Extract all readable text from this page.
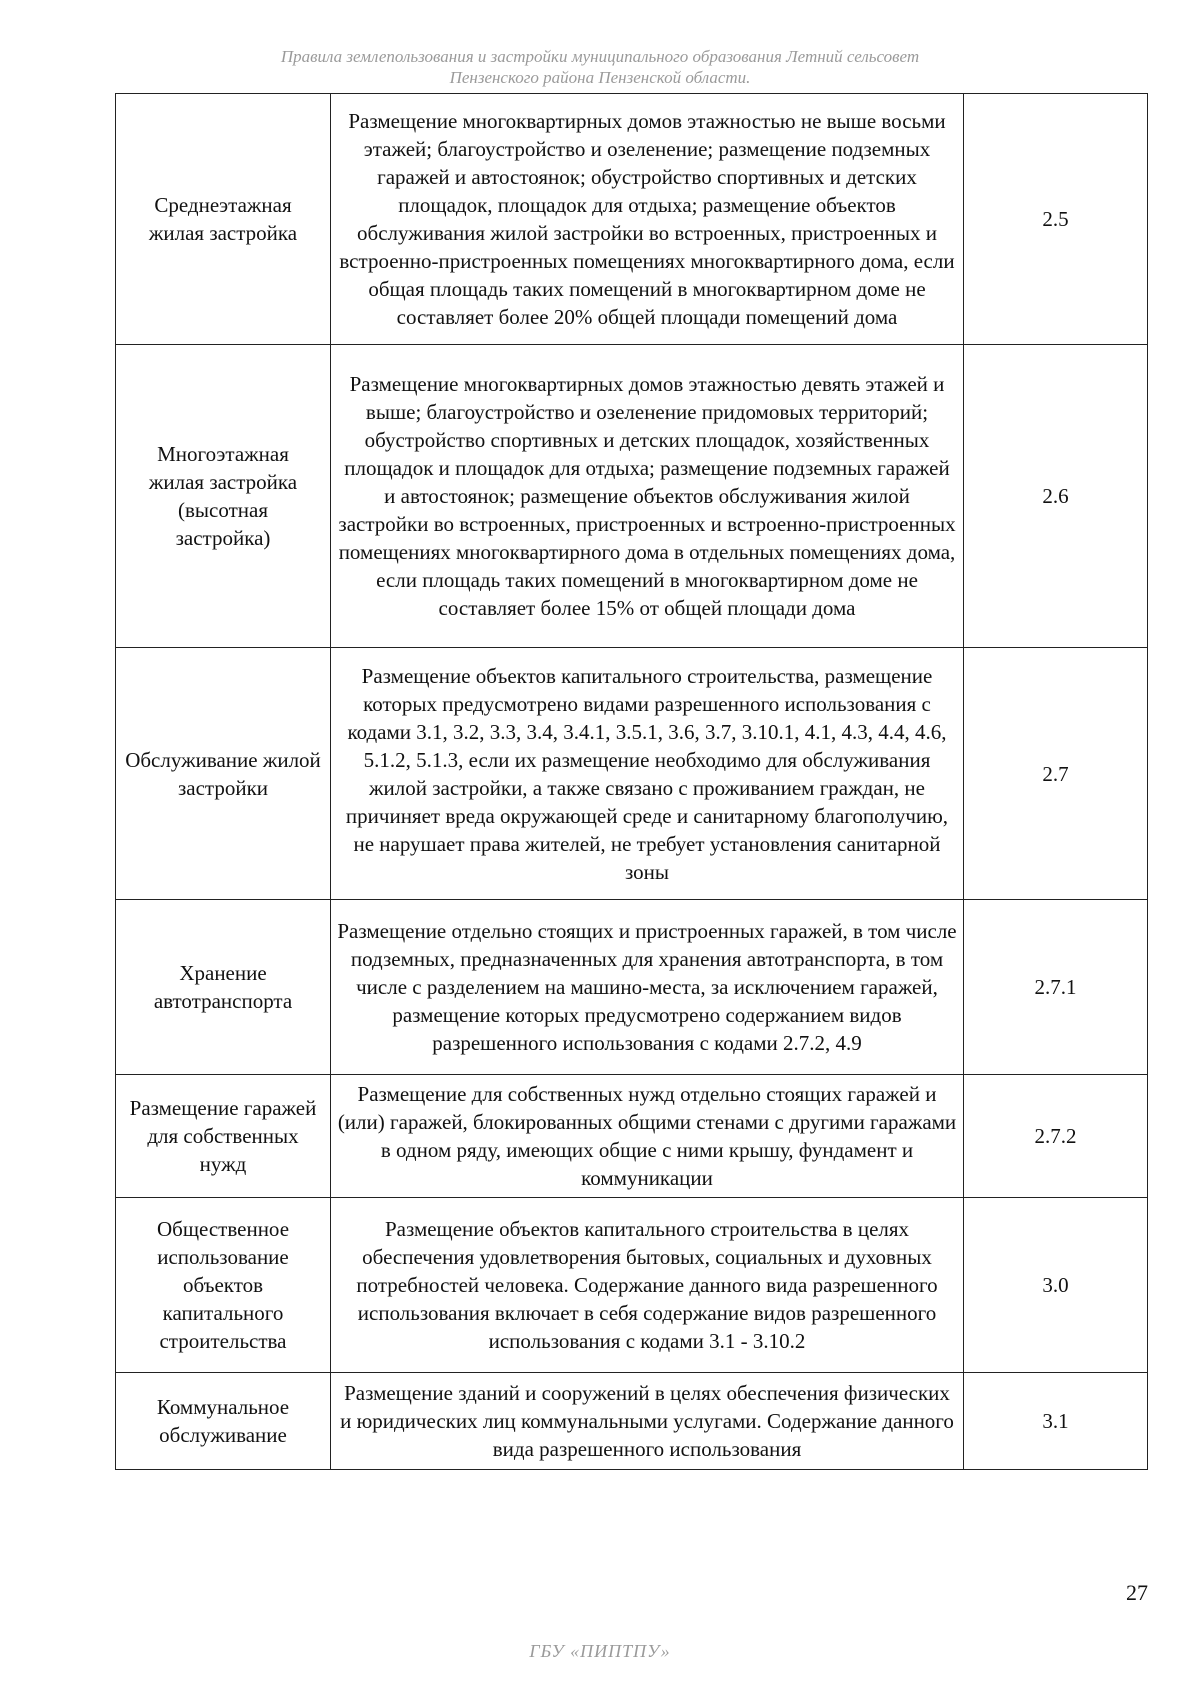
Правила землепользования и застройки муниципального образования Летний сельсовет
Пензенского района Пензенской области.
Среднеэтажная жилая застройка	Размещение многоквартирных домов этажностью не выше восьми этажей; благоустройство и озеленение; размещение подземных гаражей и автостоянок; обустройство спортивных и детских площадок, площадок для отдыха; размещение объектов обслуживания жилой застройки во встроенных, пристроенных и встроенно-пристроенных помещениях многоквартирного дома, если общая площадь таких помещений в многоквартирном доме не составляет более 20% общей площади помещений дома	2.5
Многоэтажная жилая застройка (высотная застройка)	Размещение многоквартирных домов этажностью девять этажей и выше; благоустройство и озеленение придомовых территорий; обустройство спортивных и детских площадок, хозяйственных площадок и площадок для отдыха; размещение подземных гаражей и автостоянок; размещение объектов обслуживания жилой застройки во встроенных, пристроенных и встроенно-пристроенных помещениях многоквартирного дома в отдельных помещениях дома, если площадь таких помещений в многоквартирном доме не составляет более 15% от общей площади дома	2.6
Обслуживание жилой застройки	Размещение объектов капитального строительства, размещение которых предусмотрено видами разрешенного использования с кодами 3.1, 3.2, 3.3, 3.4, 3.4.1, 3.5.1, 3.6, 3.7, 3.10.1, 4.1, 4.3, 4.4, 4.6, 5.1.2, 5.1.3, если их размещение необходимо для обслуживания жилой застройки, а также связано с проживанием граждан, не причиняет вреда окружающей среде и санитарному благополучию, не нарушает права жителей, не требует установления санитарной зоны	2.7
Хранение автотранспорта	Размещение отдельно стоящих и пристроенных гаражей, в том числе подземных, предназначенных для хранения автотранспорта, в том числе с разделением на машино-места, за исключением гаражей, размещение которых предусмотрено содержанием видов разрешенного использования с кодами 2.7.2, 4.9	2.7.1
Размещение гаражей для собственных нужд	Размещение для собственных нужд отдельно стоящих гаражей и (или) гаражей, блокированных общими стенами с другими гаражами в одном ряду, имеющих общие с ними крышу, фундамент и коммуникации	2.7.2
Общественное использование объектов капитального строительства	Размещение объектов капитального строительства в целях обеспечения удовлетворения бытовых, социальных и духовных потребностей человека. Содержание данного вида разрешенного использования включает в себя содержание видов разрешенного использования с кодами 3.1 - 3.10.2	3.0
Коммунальное обслуживание	Размещение зданий и сооружений в целях обеспечения физических и юридических лиц коммунальными услугами. Содержание данного вида разрешенного использования	3.1
27
ГБУ «ПИПТПУ»
